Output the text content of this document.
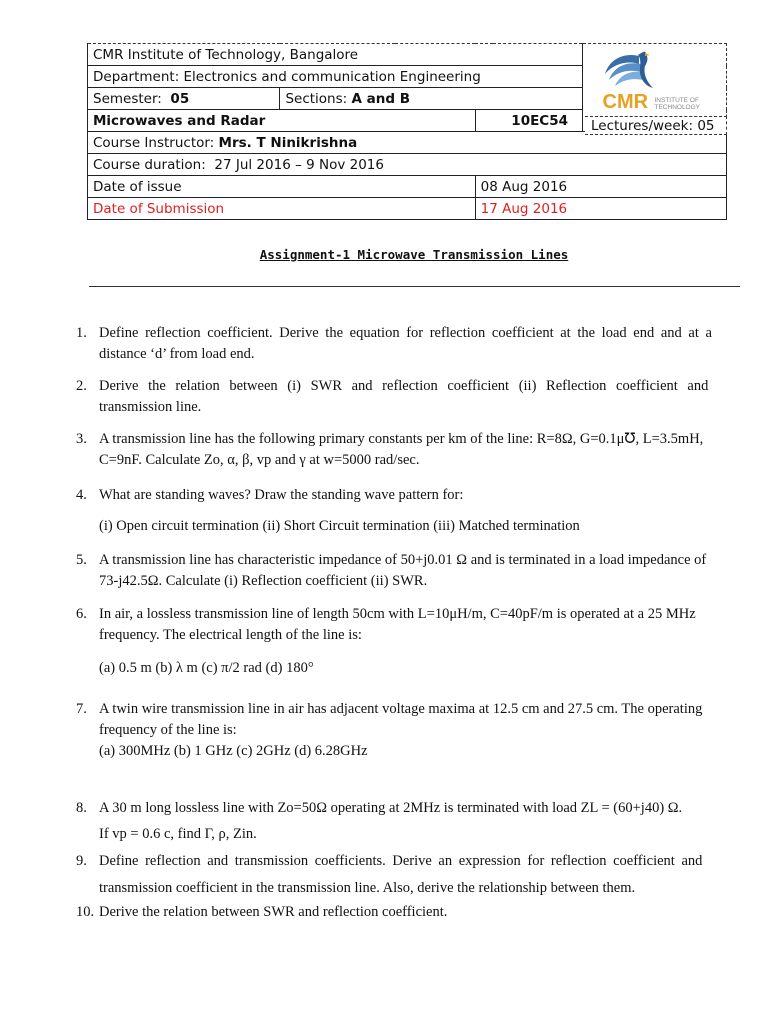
CMR Institute of Technology, Bangalore			CMR INSTITUTE OF
TECHNOLOGY

Department: Electronics and communication Engineering			
Semester: 05	Sections: A and B		
Microwaves and Radar		10EC54	

Course Instructor: Mrs. T Ninikrishna			
Course duration: 27 Jul 2016 – 9 Nov 2016			
Date of issue		08 Aug 2016	
Date of Submission		17 Aug 2016	
Lectures/week: 05
Assignment-1 Microwave Transmission Lines
1. Define reflection coefficient. Derive the equation for reflection coefficient at the load end and at a
distance ‘d’ from load end.
2. Derive the relation between (i) SWR and reflection coefficient (ii) Reflection coefficient and
transmission line.
3. A transmission line has the following primary constants per km of the line: R=8Ω, G=0.1μ℧, L=3.5mH,
C=9nF. Calculate Zo, α, β, vp and γ at w=5000 rad/sec.
4. What are standing waves? Draw the standing wave pattern for:
(i) Open circuit termination (ii) Short Circuit termination (iii) Matched termination
5. A transmission line has characteristic impedance of 50+j0.01 Ω and is terminated in a load impedance of
73-j42.5Ω. Calculate (i) Reflection coefficient (ii) SWR.
6. In air, a lossless transmission line of length 50cm with L=10μH/m, C=40pF/m is operated at a 25 MHz
frequency. The electrical length of the line is:
(a) 0.5 m (b) λ m (c) π/2 rad (d) 180°
7. A twin wire transmission line in air has adjacent voltage maxima at 12.5 cm and 27.5 cm. The operating
frequency of the line is:
(a) 300MHz (b) 1 GHz (c) 2GHz (d) 6.28GHz
8. A 30 m long lossless line with Zo=50Ω operating at 2MHz is terminated with load ZL = (60+j40) Ω.
If vp = 0.6 c, find Γ, ρ, Zin.
9. Define reflection and transmission coefficients. Derive an expression for reflection coefficient and
transmission coefficient in the transmission line. Also, derive the relationship between them.
10. Derive the relation between SWR and reflection coefficient.
